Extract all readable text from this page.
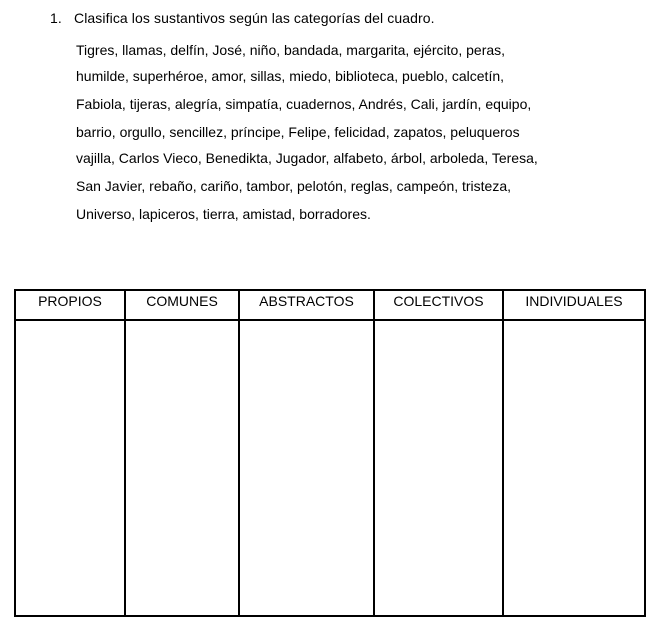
1. Clasifica los sustantivos según las categorías del cuadro.

Tigres, llamas, delfín, José, niño, bandada, margarita, ejército, peras,

humilde, superhéroe, amor, sillas, miedo, biblioteca, pueblo, calcetín,

Fabiola, tijeras, alegría, simpatía, cuadernos, Andrés, Cali, jardín, equipo,

barrio, orgullo, sencillez, príncipe, Felipe, felicidad, zapatos, peluqueros

vajilla, Carlos Vieco, Benedikta, Jugador, alfabeto, árbol, arboleda, Teresa,

San Javier, rebaño, cariño, tambor, pelotón, reglas, campeón, tristeza,

Universo, lapiceros, tierra, amistad, borradores.

PROPIOS	COMUNES	ABSTRACTOS	COLECTIVOS	INDIVIDUALES
